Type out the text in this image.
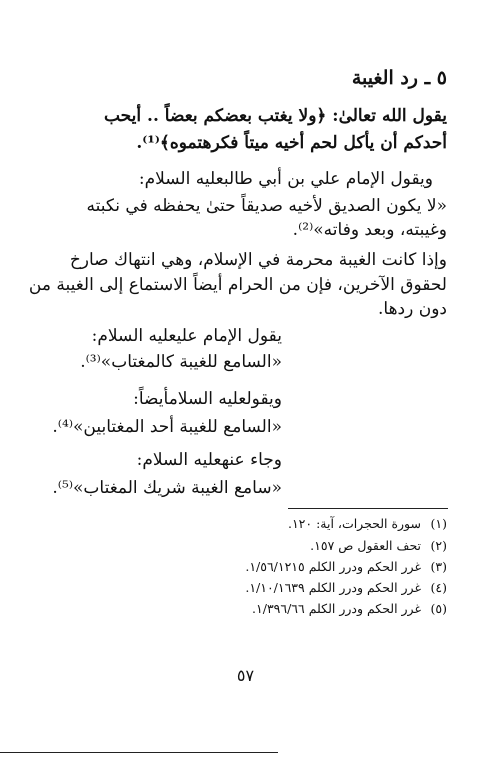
٥ ـ رد الغيبة
يقول الله تعالىٰ: ﴿ولا يغتب بعضكم بعضاً .. أيحب
أحدكم أن يأكل لحم أخيه ميتاً فكرهتموه﴾⁽¹⁾.
ويقول الإمام علي بن أبي طالبعليه السلام:
«لا يكون الصديق لأخيه صديقاً حتىٰ يحفظه في نكبته
وغيبته، وبعد وفاته»⁽²⁾.
وإذا كانت الغيبة محرمة في الإسلام، وهي انتهاك صارخ
لحقوق الآخرين، فإن من الحرام أيضاً الاستماع إلى الغيبة من
دون ردها.
يقول الإمام عليعليه السلام:
«السامع للغيبة كالمغتاب»⁽³⁾.
ويقولعليه السلامأيضاً:
«السامع للغيبة أحد المغتابين»⁽⁴⁾.
وجاء عنهعليه السلام:
«سامع الغيبة شريك المغتاب»⁽⁵⁾.
(١)
سورة الحجرات، آية: ١٢٠.
(٢)
تحف العقول ص ١٥٧.
(٣)
غرر الحكم ودرر الكلم ١/٥٦/١٢١٥.
(٤)
غرر الحكم ودرر الكلم ١/١٠/١٦٣٩.
(٥)
غرر الحكم ودرر الكلم ١/٣٩٦/٦٦.
٥٧
